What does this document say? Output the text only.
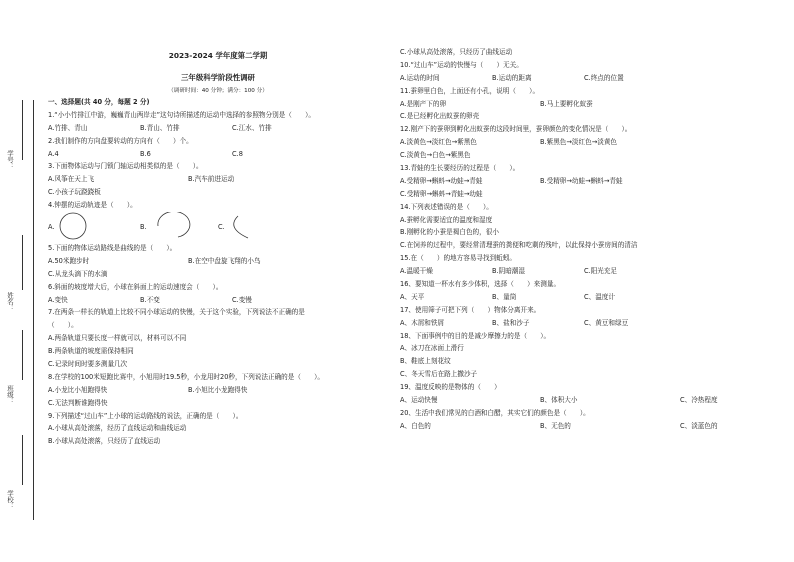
学号：
姓名：
班级：
学校：
2023-2024 学年度第二学期
三年级科学阶段性调研
（调研时间：40 分钟；满分：100 分）
一、选择题(共 40 分，每题 2 分)
1.“小小竹排江中游，巍巍青山两岸走”这句诗所描述的运动中选择的参照物分别是（　　）。
A.竹排、青山	B.青山、竹排	C.江水、竹排
2.我们制作的方向盘要转动的方向有（　　）个。
A.4	B.6	C.8
3.下面物体运动与门锁门轴运动相类似的是（　　）。
A.风筝在天上飞	B.汽车前进运动
C.小孩子玩跷跷板
4.钟摆的运动轨迹是（　　）。
A.	B.	C.
5.下面的物体运动路线是曲线的是（　　）。
A.50米跑步时	B.在空中盘旋飞翔的小鸟
C.从龙头滴下的水滴
6.斜面的坡度增大后，小球在斜面上的运动速度会（　　）。
A.变快	B.不变	C.变慢
7.在两条一样长的轨道上比较不同小球运动的快慢，关于这个实验，下列说法不正确的是
（　　）。
A.两条轨道只要长度一样就可以，材料可以不同
B.两条轨道的坡度需保持相同
C.记录时间时要多测量几次
8.在学校的100米短跑比赛中，小旭用时19.5秒，小龙用时20秒，下列说法正确的是（　　）。
A.小龙比小旭跑得快	B.小旭比小龙跑得快
C.无法判断谁跑得快
9.下列描述“过山车”上小球的运动路线的说法，正确的是（　　）。
A.小球从高处滚落，经历了直线运动和曲线运动
B.小球从高处滚落，只经历了直线运动
C.小球从高处滚落，只经历了曲线运动
10.“过山车”运动的快慢与（　　）无关。
A.运动的时间	B.运动的距离	C.终点的位置
11.蚕卵里白色，上面还有小孔，说明（　　）。
A.是刚产下的卵	B.马上要孵化蚁蚕
C.是已经孵化出蚁蚕的卵壳
12.刚产下的蚕卵到孵化出蚁蚕的这段时间里，蚕卵颜色的变化情况是（　　）。
A.淡黄色→淡红色→紫黑色	B.紫黑色→淡红色→淡黄色
C.淡黄色→白色→紫黑色
13.青蛙的生长要经历的过程是（　　）。
A.受精卵→蝌蚪→幼蛙→青蛙	B.受精卵→幼蛙→蝌蚪→青蛙
C.受精卵→蝌蚪→青蛙→幼蛙
14.下列表述错误的是（　　）。
A.蚕孵化需要适宜的温度和湿度
B.刚孵化的小蚕是褐白色的，很小
C.在饲养的过程中，要经常清理蚕的粪便和吃剩的残叶，以此保持小蚕房间的清洁
15.在（　　）的地方容易寻找到蚯蚓。
A.温暖干燥	B.阴暗潮湿	C.阳光充足
16、要知道一杯水有多少体积，选择（　　）来测量。
A、天平	B、量筒	C、温度计
17、使用筛子可把下列（　　）物体分离开来。
A、木屑和铁屑	B、盐和沙子	C、黄豆和绿豆
18、下面事例中的目的是减少摩擦力的是（　　）。
A、冰刀在冰面上滑行
B、鞋底上刻花纹
C、冬天雪后在路上撒沙子
19、温度反映的是物体的（　　）
A、运动快慢	B、体积大小	C、冷热程度
20、生活中我们常见的白酒和白醋，其实它们的颜色是（　　）。
A、白色的	B、无色的	C、淡蓝色的
